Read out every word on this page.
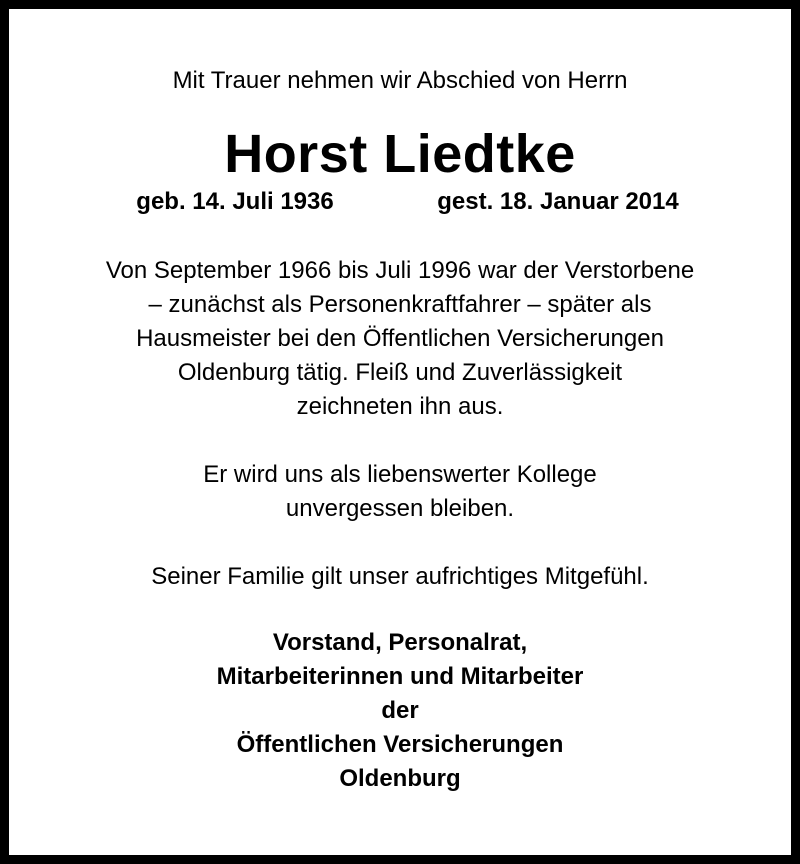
Mit Trauer nehmen wir Abschied von Herrn
Horst Liedtke
geb. 14. Juli 1936	gest. 18. Januar 2014
Von September 1966 bis Juli 1996 war der Verstorbene
– zunächst als Personenkraftfahrer – später als
Hausmeister bei den Öffentlichen Versicherungen
Oldenburg tätig. Fleiß und Zuverlässigkeit
zeichneten ihn aus.
Er wird uns als liebenswerter Kollege
unvergessen bleiben.
Seiner Familie gilt unser aufrichtiges Mitgefühl.
Vorstand, Personalrat,
Mitarbeiterinnen und Mitarbeiter
der
Öffentlichen Versicherungen
Oldenburg
